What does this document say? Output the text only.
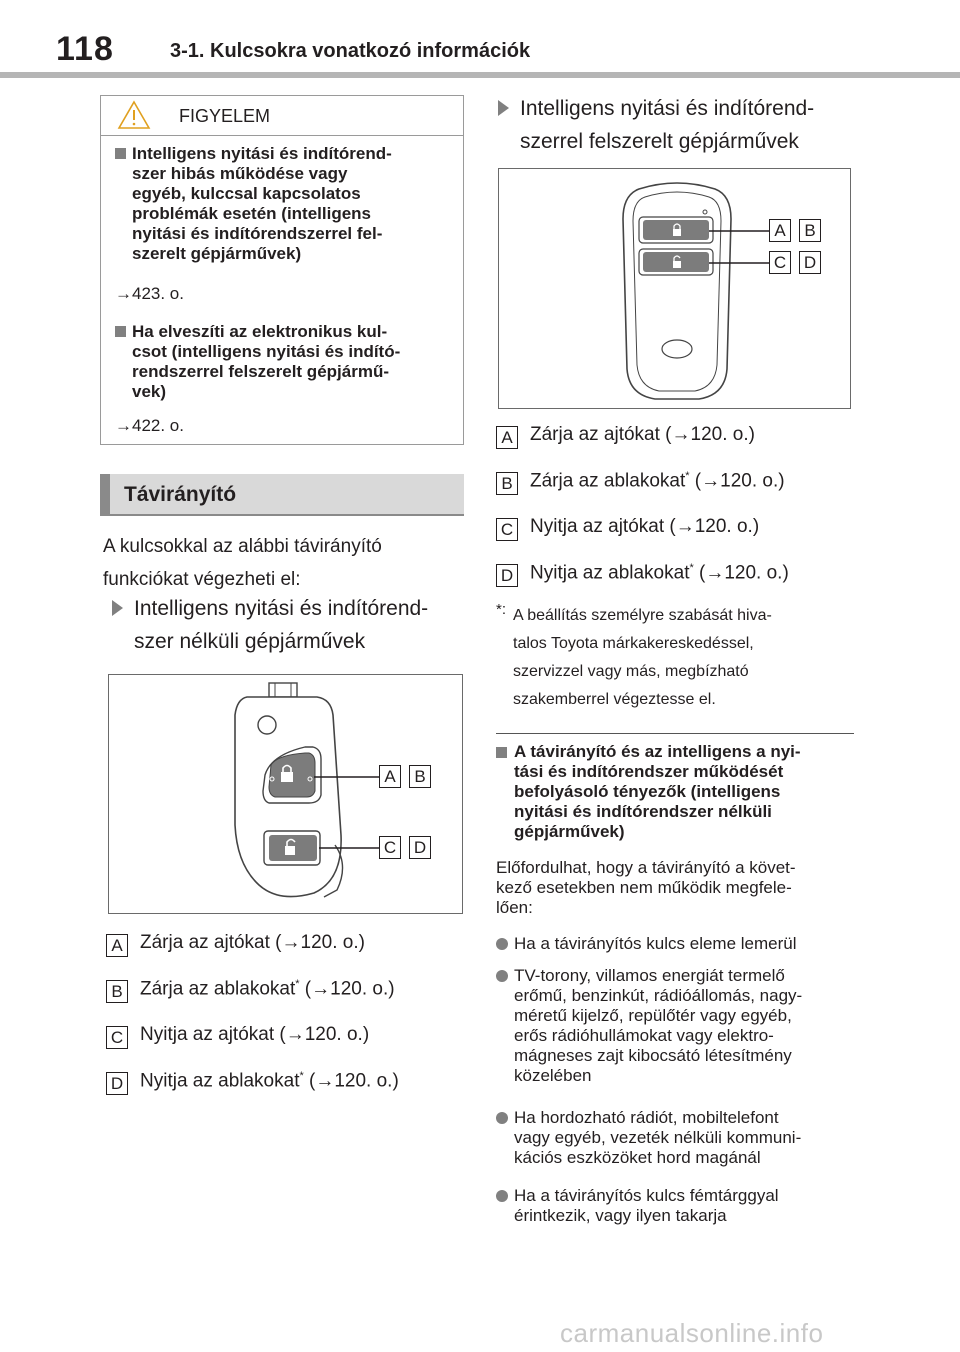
118	3-1. Kulcsokra vonatkozó információk
FIGYELEM
Intelligens nyitási és indítórend-
szer hibás működése vagy
egyéb, kulccsal kapcsolatos
problémák esetén (intelligens
nyitási és indítórendszerrel fel-
szerelt gépjárművek)
→423. o.
Ha elveszíti az elektronikus kul-
csot (intelligens nyitási és indító-
rendszerrel felszerelt gépjármű-
vek)
→422. o.
Távirányító
A kulcsokkal az alábbi távirányító
funkciókat végezheti el:
Intelligens nyitási és indítórend-
szer nélküli gépjárművek
A	B
C D
A Zárja az ajtókat (→120. o.)
B Zárja az ablakokat* (→120. o.)
C Nyitja az ajtókat (→120. o.)
D Nyitja az ablakokat* (→120. o.)
Intelligens nyitási és indítórend-
szerrel felszerelt gépjárművek
A	B
C D
A Zárja az ajtókat (→120. o.)
B Zárja az ablakokat* (→120. o.)
C Nyitja az ajtókat (→120. o.)
D Nyitja az ablakokat* (→120. o.)
*: A beállítás személyre szabását hiva-
talos Toyota márkakereskedéssel,
szervizzel vagy más, megbízható
szakemberrel végeztesse el.
A távirányító és az intelligens a nyi-
tási és indítórendszer működését
befolyásoló tényezők (intelligens
nyitási és indítórendszer nélküli
gépjárművek)
Előfordulhat, hogy a távirányító a követ-
kező esetekben nem működik megfele-
lően:
Ha a távirányítós kulcs eleme lemerül
TV-torony, villamos energiát termelő
erőmű, benzinkút, rádióállomás, nagy-
méretű kijelző, repülőtér vagy egyéb,
erős rádióhullámokat vagy elektro-
mágneses zajt kibocsátó létesítmény
közelében
Ha hordozható rádiót, mobiltelefont
vagy egyéb, vezeték nélküli kommuni-
kációs eszközöket hord magánál
Ha a távirányítós kulcs fémtárggyal
érintkezik, vagy ilyen takarja
carmanualsonline.info
